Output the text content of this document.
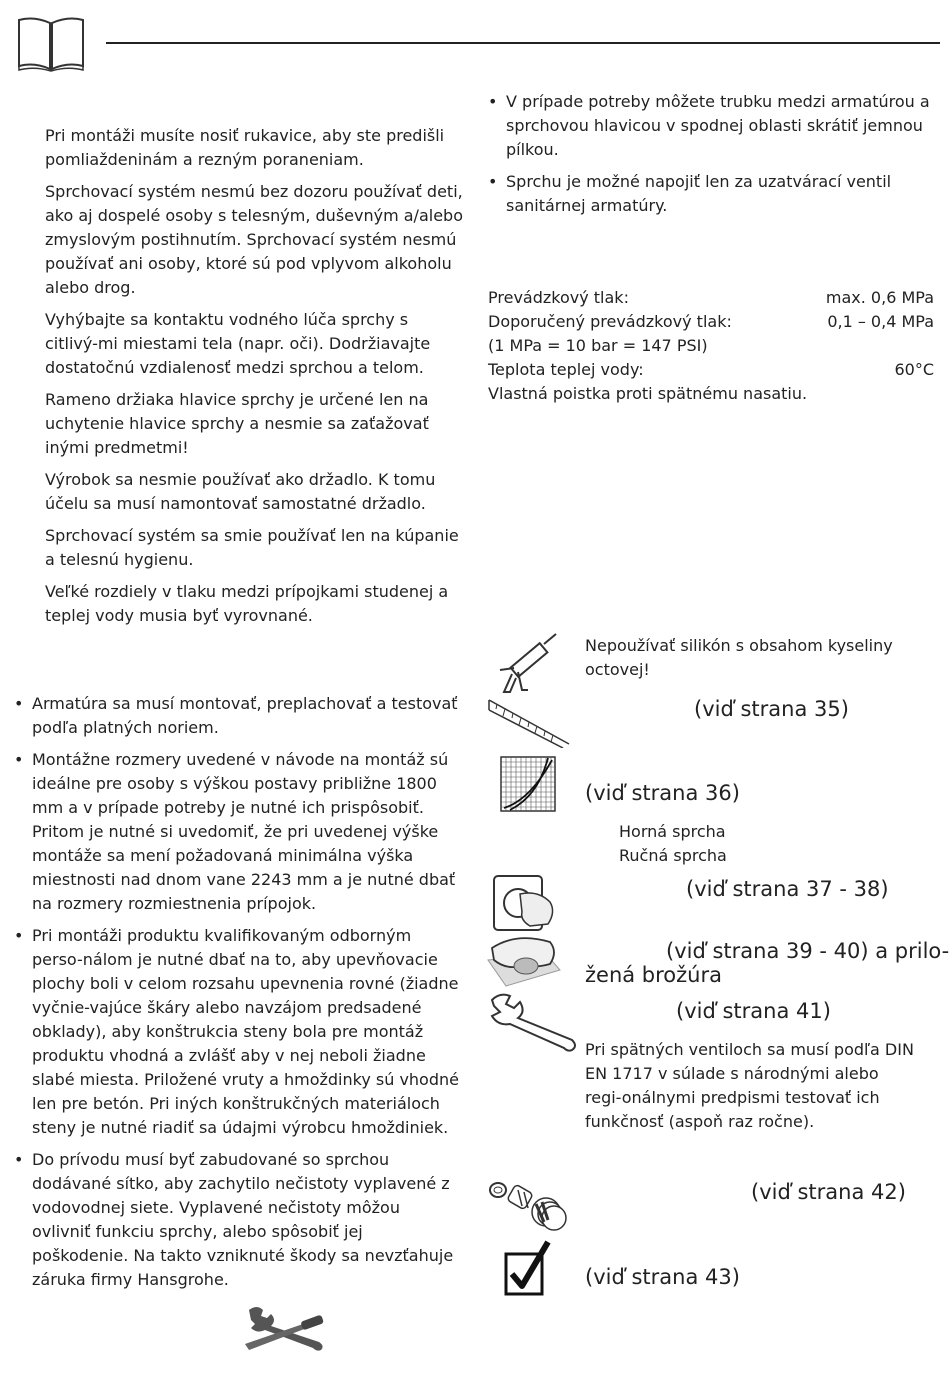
Pri montáži musíte nosiť rukavice, aby ste predišli pomliaždeninám a rezným poraneniam.

Sprchovací systém nesmú bez dozoru používať deti, ako aj dospelé osoby s telesným, duševným a/alebo zmyslovým postihnutím. Sprchovací systém nesmú používať ani osoby, ktoré sú pod vplyvom alkoholu alebo drog.

Vyhýbajte sa kontaktu vodného lúča sprchy s citlivý-mi miestami tela (napr. oči). Dodržiavajte dostatočnú vzdialenosť medzi sprchou a telom.

Rameno držiaka hlavice sprchy je určené len na uchytenie hlavice sprchy a nesmie sa zaťažovať inými predmetmi!

Výrobok sa nesmie používať ako držadlo. K tomu účelu sa musí namontovať samostatné držadlo.

Sprchovací systém sa smie používať len na kúpanie a telesnú hygienu.

Veľké rozdiely v tlaku medzi prípojkami studenej a teplej vody musia byť vyrovnané.

• Armatúra sa musí montovať, preplachovať a testovať podľa platných noriem.
• Montážne rozmery uvedené v návode na montáž sú ideálne pre osoby s výškou postavy približne 1800 mm a v prípade potreby je nutné ich prispôsobiť. Pritom je nutné si uvedomiť, že pri uvedenej výške montáže sa mení požadovaná minimálna výška miestnosti nad dnom vane 2243 mm a je nutné dbať na rozmery rozmiestnenia prípojok.
• Pri montáži produktu kvalifikovaným odborným perso-nálom je nutné dbať na to, aby upevňovacie plochy boli v celom rozsahu upevnenia rovné (žiadne vyčnie-vajúce škáry alebo navzájom predsadené obklady), aby konštrukcia steny bola pre montáž produktu vhodná a zvlášť aby v nej neboli žiadne slabé miesta. Priložené vruty a hmoždinky sú vhodné len pre betón. Pri iných konštrukčných materiáloch steny je nutné riadiť sa údajmi výrobcu hmoždiniek.
• Do prívodu musí byť zabudované so sprchou dodávané sítko, aby zachytilo nečistoty vyplavené z vodovodnej siete. Vyplavené nečistoty môžou ovlivniť funkciu sprchy, alebo spôsobiť jej poškodenie. Na takto vzniknuté škody sa nevzťahuje záruka firmy Hansgrohe.
• V prípade potreby môžete trubku medzi armatúrou a sprchovou hlavicou v spodnej oblasti skrátiť jemnou pílkou.
• Sprchu je možné napojiť len za uzatvárací ventil sanitárnej armatúry.
Prevádzkový tlak:	max. 0,6 MPa
Doporučený prevádzkový tlak:	0,1 – 0,4 MPa
(1 MPa = 10 bar = 147 PSI)
Teplota teplej vody:	60°C
Vlastná poistka proti spätnému nasatiu.
Nepoužívať silikón s obsahom kyseliny octovej!
(viď strana 35)
(viď strana 36)
Horná sprcha
Ručná sprcha
(viď strana 37 - 38)
(viď strana 39 - 40) a prilo-
žená brožúra
(viď strana 41)
Pri spätných ventiloch sa musí podľa DIN EN 1717 v súlade s národnými alebo regi-onálnymi predpismi testovať ich funkčnosť (aspoň raz ročne).
(viď strana 42)
(viď strana 43)
